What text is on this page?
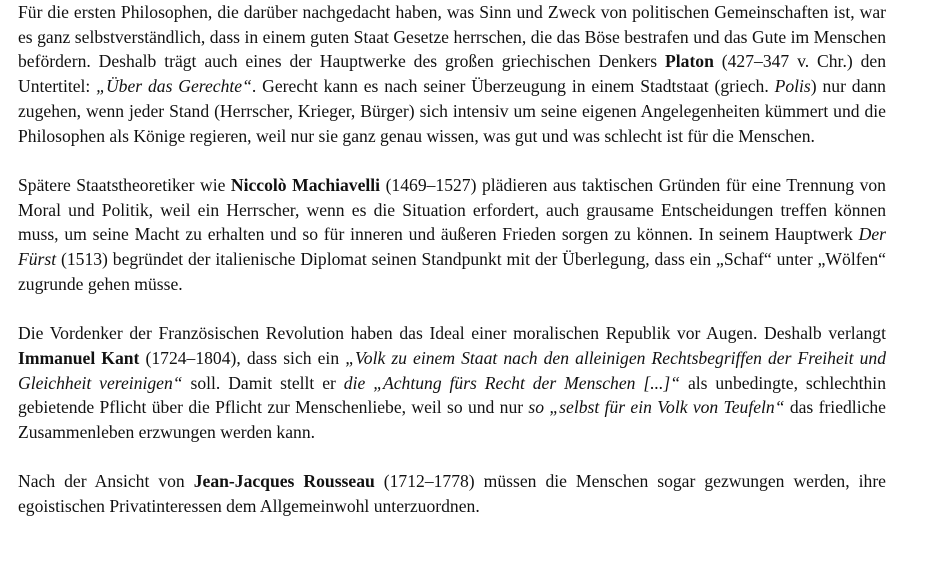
Für die ersten Philosophen, die darüber nachgedacht haben, was Sinn und Zweck von politischen Gemeinschaften ist, war es ganz selbstverständlich, dass in einem guten Staat Gesetze herrschen, die das Böse bestrafen und das Gute im Menschen befördern. Deshalb trägt auch eines der Hauptwerke des großen griechischen Denkers Platon (427–347 v. Chr.) den Untertitel: „Über das Gerechte“. Gerecht kann es nach seiner Überzeugung in einem Stadtstaat (griech. Polis) nur dann zugehen, wenn jeder Stand (Herrscher, Krieger, Bürger) sich intensiv um seine eigenen Angelegenheiten kümmert und die Philosophen als Könige regieren, weil nur sie ganz genau wissen, was gut und was schlecht ist für die Menschen.

Spätere Staatstheoretiker wie Niccolò Machiavelli (1469–1527) plädieren aus taktischen Gründen für eine Trennung von Moral und Politik, weil ein Herrscher, wenn es die Situation erfordert, auch grausame Entscheidungen treffen können muss, um seine Macht zu erhalten und so für inneren und äußeren Frieden sorgen zu können. In seinem Hauptwerk Der Fürst (1513) begründet der italienische Diplomat seinen Standpunkt mit der Überlegung, dass ein „Schaf“ unter „Wölfen“ zugrunde gehen müsse.

Die Vordenker der Französischen Revolution haben das Ideal einer moralischen Republik vor Augen. Deshalb verlangt Immanuel Kant (1724–1804), dass sich ein „Volk zu einem Staat nach den alleinigen Rechtsbegriffen der Freiheit und Gleichheit vereinigen“ soll. Damit stellt er die „Achtung fürs Recht der Menschen [...]“ als unbedingte, schlechthin gebietende Pflicht über die Pflicht zur Menschenliebe, weil so und nur so „selbst für ein Volk von Teufeln“ das friedliche Zusammenleben erzwungen werden kann.

Nach der Ansicht von Jean-Jacques Rousseau (1712–1778) müssen die Menschen sogar gezwungen werden, ihre egoistischen Privatinteressen dem Allgemeinwohl unterzuordnen.
